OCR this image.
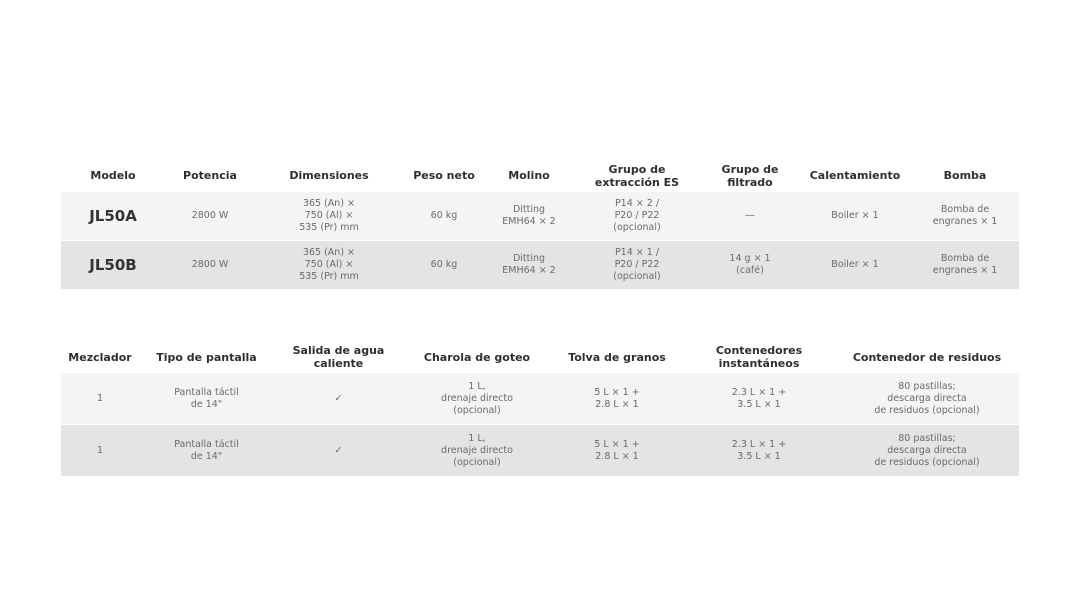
Modelo	Potencia	Dimensiones	Peso neto	Molino	Grupo de
extracción ES	Grupo de
filtrado	Calentamiento	Bomba
JL50A	2800 W	365 (An) ×
750 (Al) ×
535 (Pr) mm	60 kg	Ditting
EMH64 × 2	P14 × 2 /
P20 / P22
(opcional)	—	Boiler × 1	Bomba de
engranes × 1
JL50B	2800 W	365 (An) ×
750 (Al) ×
535 (Pr) mm	60 kg	Ditting
EMH64 × 2	P14 × 1 /
P20 / P22
(opcional)	14 g × 1
(café)	Boiler × 1	Bomba de
engranes × 1
Mezclador	Tipo de pantalla	Salida de agua
caliente	Charola de goteo	Tolva de granos	Contenedores
instantáneos	Contenedor de residuos
1	Pantalla táctil
de 14"	✓	1 L,
drenaje directo
(opcional)	5 L × 1 +
2.8 L × 1	2.3 L × 1 +
3.5 L × 1	80 pastillas;
descarga directa
de residuos (opcional)
1	Pantalla táctil
de 14"	✓	1 L,
drenaje directo
(opcional)	5 L × 1 +
2.8 L × 1	2.3 L × 1 +
3.5 L × 1	80 pastillas;
descarga directa
de residuos (opcional)
